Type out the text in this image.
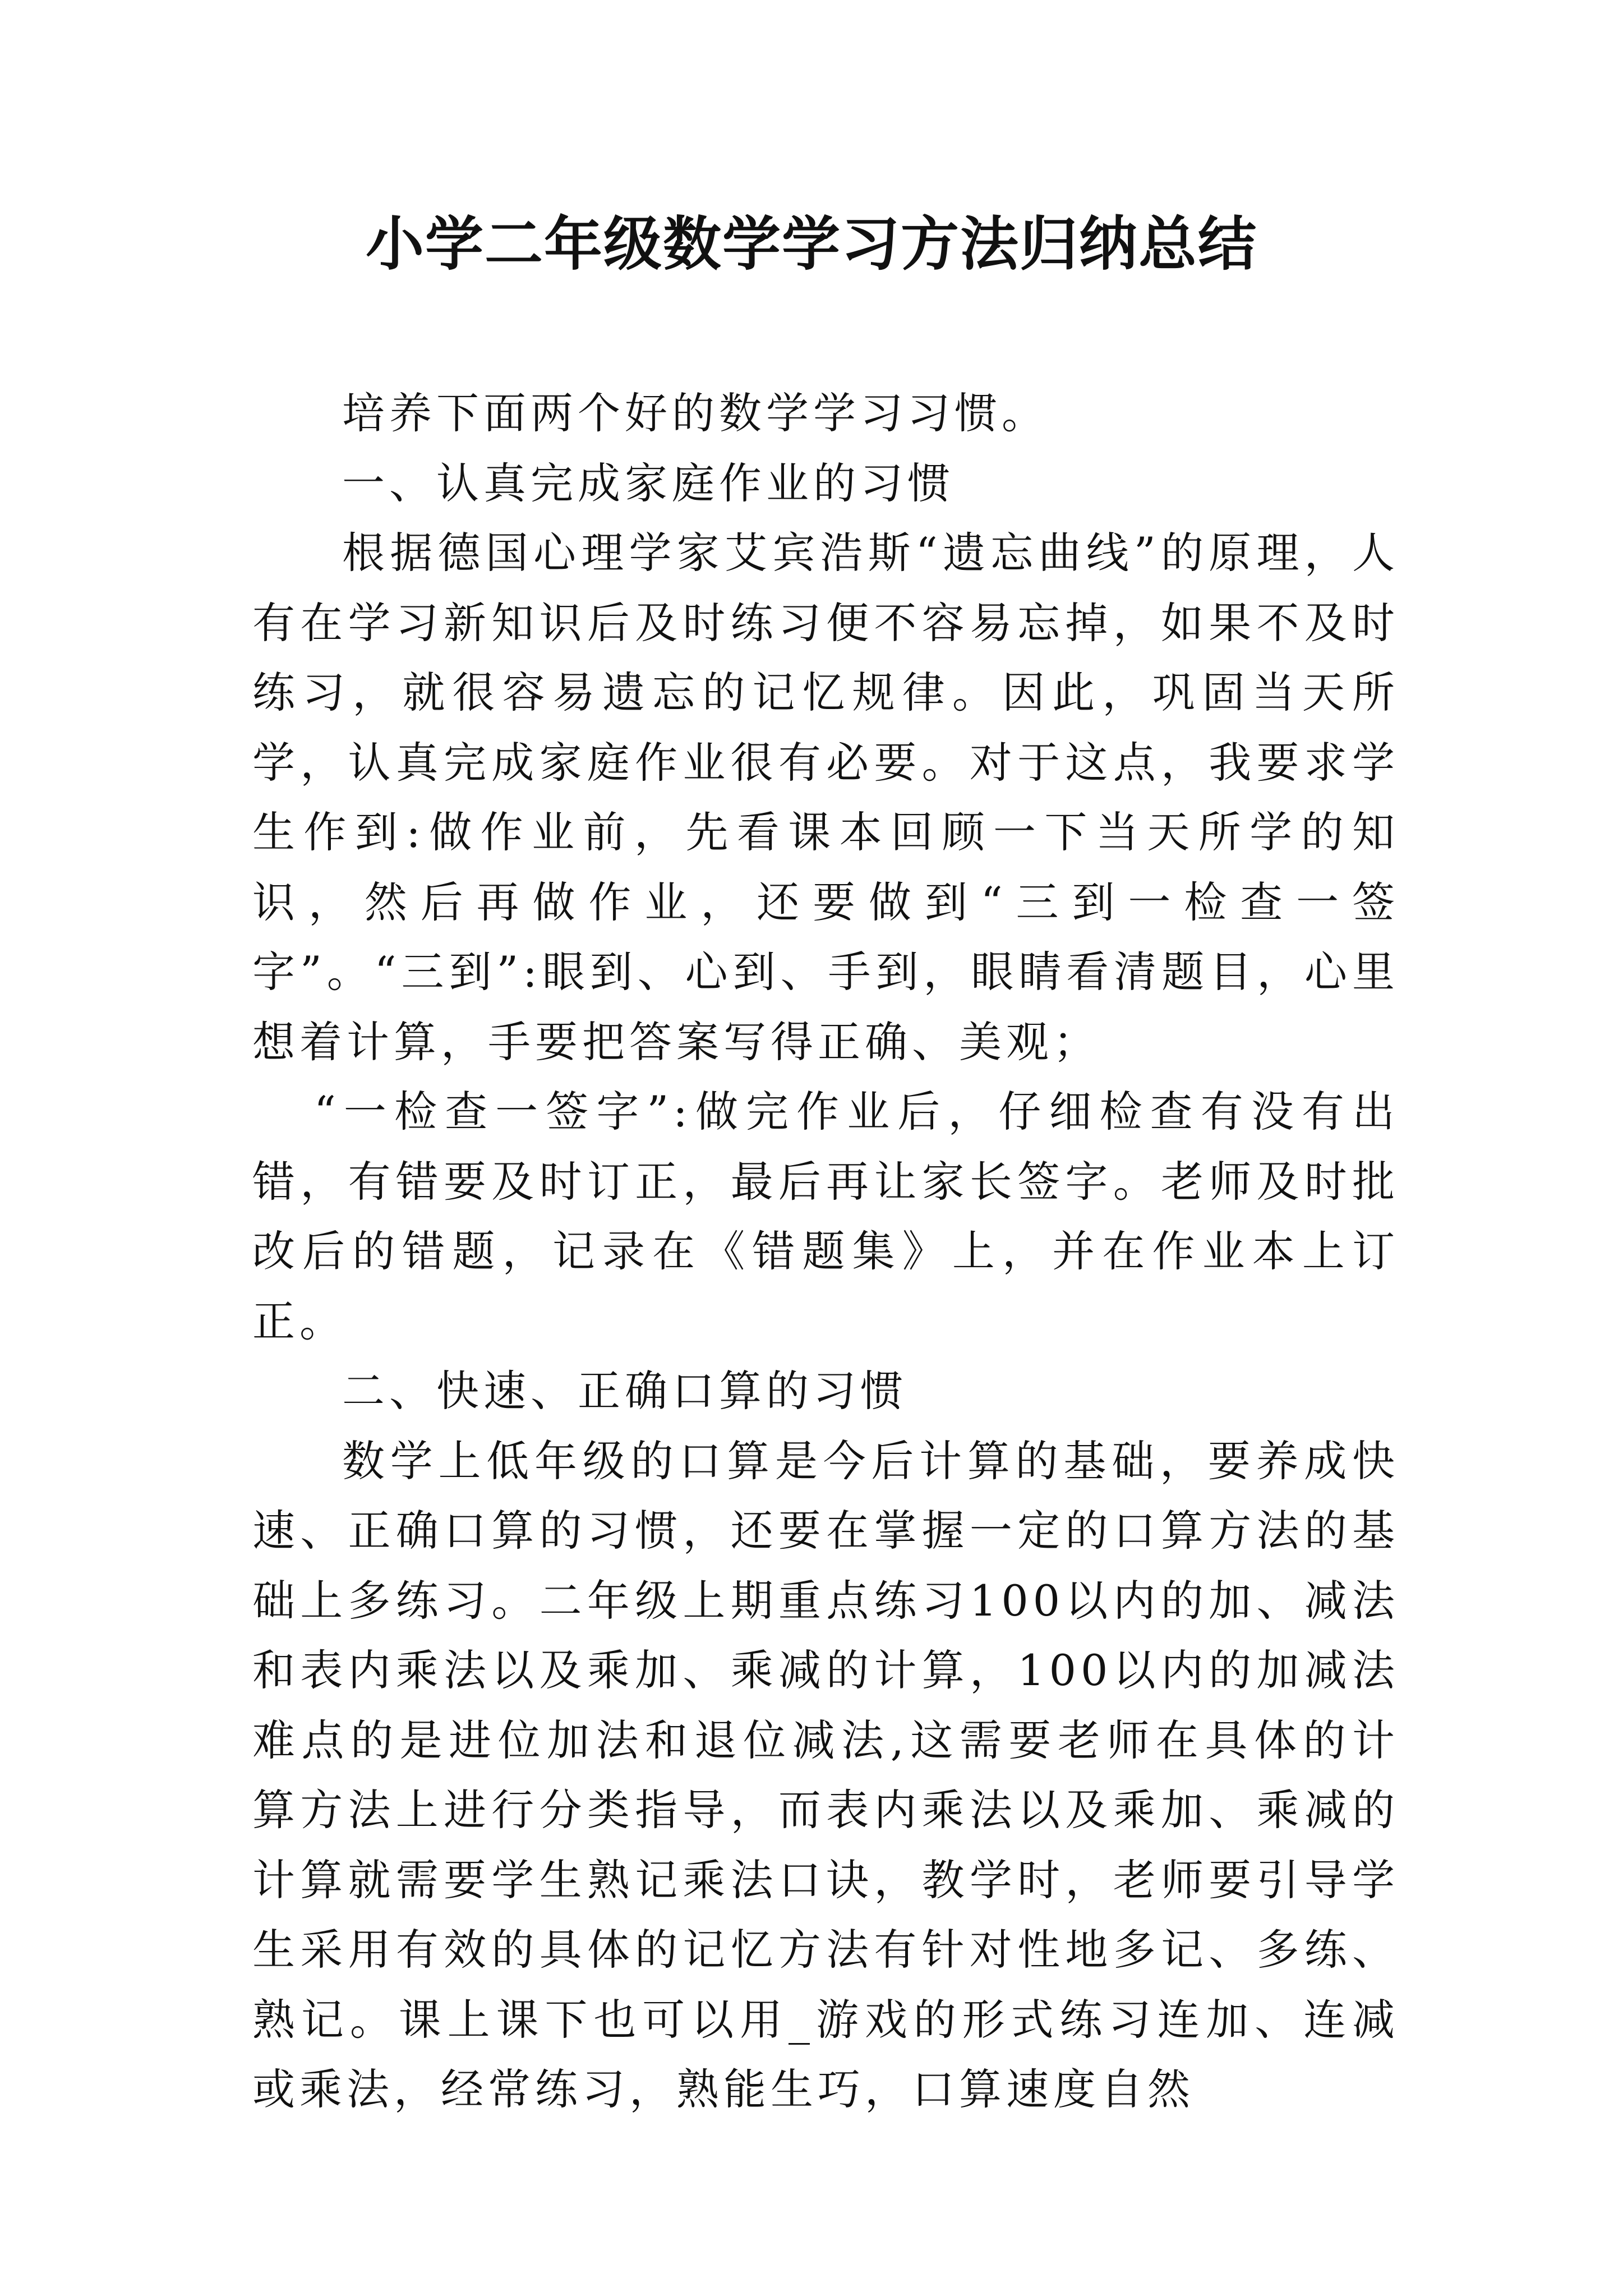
小学二年级数学学习方法归纳总结

培养下面两个好的数学学习习惯。

一、认真完成家庭作业的习惯

根据德国心理学家艾宾浩斯“遗忘曲线”的原理，人有在学习新知识后及时练习便不容易忘掉，如果不及时练习，就很容易遗忘的记忆规律。因此，巩固当天所学，认真完成家庭作业很有必要。对于这点，我要求学生作到:做作业前，先看课本回顾一下当天所学的知识，然后再做作业，还要做到“三到一检查一签字”。“三到”:眼到、心到、手到，眼睛看清题目，心里想着计算，手要把答案写得正确、美观；

“一检查一签字”:做完作业后，仔细检查有没有出错，有错要及时订正，最后再让家长签字。老师及时批改后的错题，记录在《错题集》上，并在作业本上订正。

二、快速、正确口算的习惯

数学上低年级的口算是今后计算的基础，要养成快速、正确口算的习惯，还要在掌握一定的口算方法的基础上多练习。二年级上期重点练习100以内的加、减法和表内乘法以及乘加、乘减的计算，100以内的加减法难点的是进位加法和退位减法,这需要老师在具体的计算方法上进行分类指导，而表内乘法以及乘加、乘减的计算就需要学生熟记乘法口诀，教学时，老师要引导学生采用有效的具体的记忆方法有针对性地多记、多练、熟记。课上课下也可以用_游戏的形式练习连加、连减或乘法，经常练习，熟能生巧，口算速度自然
